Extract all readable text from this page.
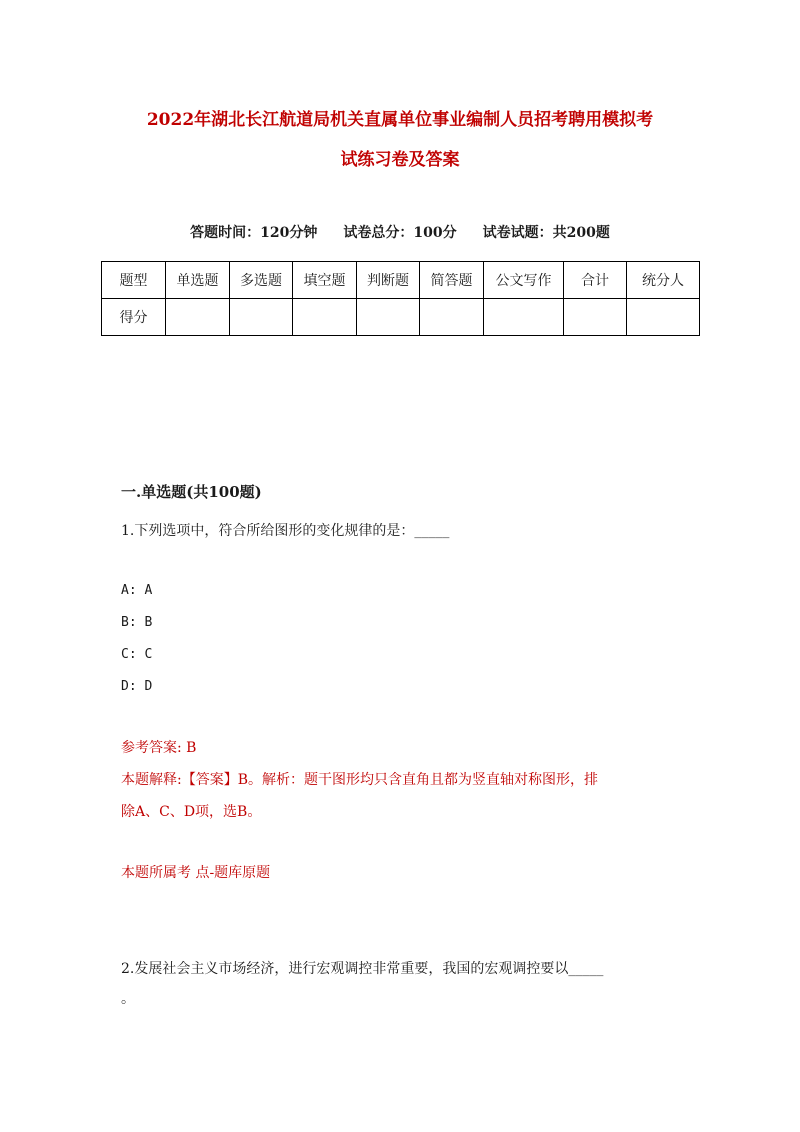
2022年湖北长江航道局机关直属单位事业编制人员招考聘用模拟考
试练习卷及答案
答题时间：120分钟 试卷总分：100分 试卷试题：共200题
题型	单选题	多选题	填空题	判断题	简答题	公文写作	合计	统分人
得分								
一.单选题(共100题)
1.下列选项中，符合所给图形的变化规律的是：_____
A: A
B: B
C: C
D: D
参考答案: B
本题解释:【答案】B。解析：题干图形均只含直角且都为竖直轴对称图形，排
除A、C、D项，选B。
本题所属考 点-题库原题
2.发展社会主义市场经济，进行宏观调控非常重要，我国的宏观调控要以_____
。
